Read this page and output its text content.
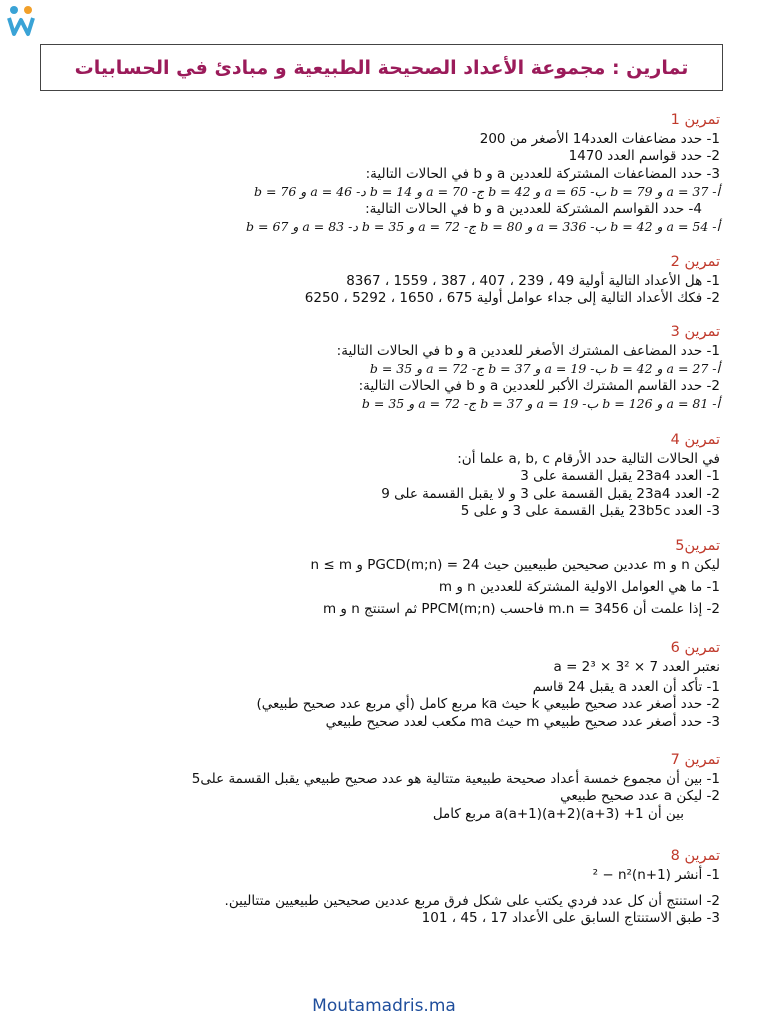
تمارين : مجموعة الأعداد الصحيحة الطبيعية و مبادئ في الحسابيات
تمرين 1
1- حدد مضاعفات العدد14 الأصغر من 200
2- حدد قواسم العدد 1470
3- حدد المضاعفات المشتركة للعددين a و b في الحالات التالية:
أ- a = 37 و b = 79 ب- a = 65 و b = 42 ج- a = 70 و b = 14 د- a = 46 و b = 76
4- حدد القواسم المشتركة للعددين a و b في الحالات التالية:
أ- a = 54 و b = 42 ب- a = 336 و b = 80 ج- a = 72 و b = 35 د- a = 83 و b = 67
تمرين 2
1- هل الأعداد التالية أولية 49 ، 239 ، 407 ، 387 ، 1559 ، 8367
2- فكك الأعداد التالية إلى جداء عوامل أولية 675 ، 1650 ، 5292 ، 6250
تمرين 3
1- حدد المضاعف المشترك الأصغر للعددين a و b في الحالات التالية:
أ- a = 27 و b = 42 ب- a = 19 و b = 37 ج- a = 72 و b = 35
2- حدد القاسم المشترك الأكبر للعددين a و b في الحالات التالية:
أ- a = 81 و b = 126 ب- a = 19 و b = 37 ج- a = 72 و b = 35
تمرين 4
في الحالات التالية حدد الأرقام a, b, c علما أن:
1- العدد 23a4 يقبل القسمة على 3
2- العدد 23a4 يقبل القسمة على 3 و لا يقبل القسمة على 9
3- العدد 23b5c يقبل القسمة على 3 و على 5
تمرين5
ليكن n و m عددين صحيحين طبيعيين حيث PGCD(m;n) = 24 و n ≤ m
1- ما هي العوامل الاولية المشتركة للعددين n و m
2- إذا علمت أن m.n = 3456 فاحسب PPCM(m;n) ثم استنتج n و m
تمرين 6
نعتبر العدد a = 2³ × 3² × 7
1- تأكد أن العدد a يقبل 24 قاسم
2- حدد أصغر عدد صحيح طبيعي k حيث ka مربع كامل (أي مربع عدد صحيح طبيعي)
3- حدد أصغر عدد صحيح طبيعي m حيث ma مكعب لعدد صحيح طبيعي
تمرين 7
1- بين أن مجموع خمسة أعداد صحيحة طبيعية متتالية هو عدد صحيح طبيعي يقبل القسمة على5
2- ليكن a عدد صحيح طبيعي
بين أن 1+ a(a+1)(a+2)(a+3) مربع كامل
تمرين 8
1- أنشر (n+1)² − n²
2- استنتج أن كل عدد فردي يكتب على شكل فرق مربع عددين صحيحين طبيعيين متتاليين.
3- طبق الاستنتاج السابق على الأعداد 17 ، 45 ، 101
Moutamadris.ma
